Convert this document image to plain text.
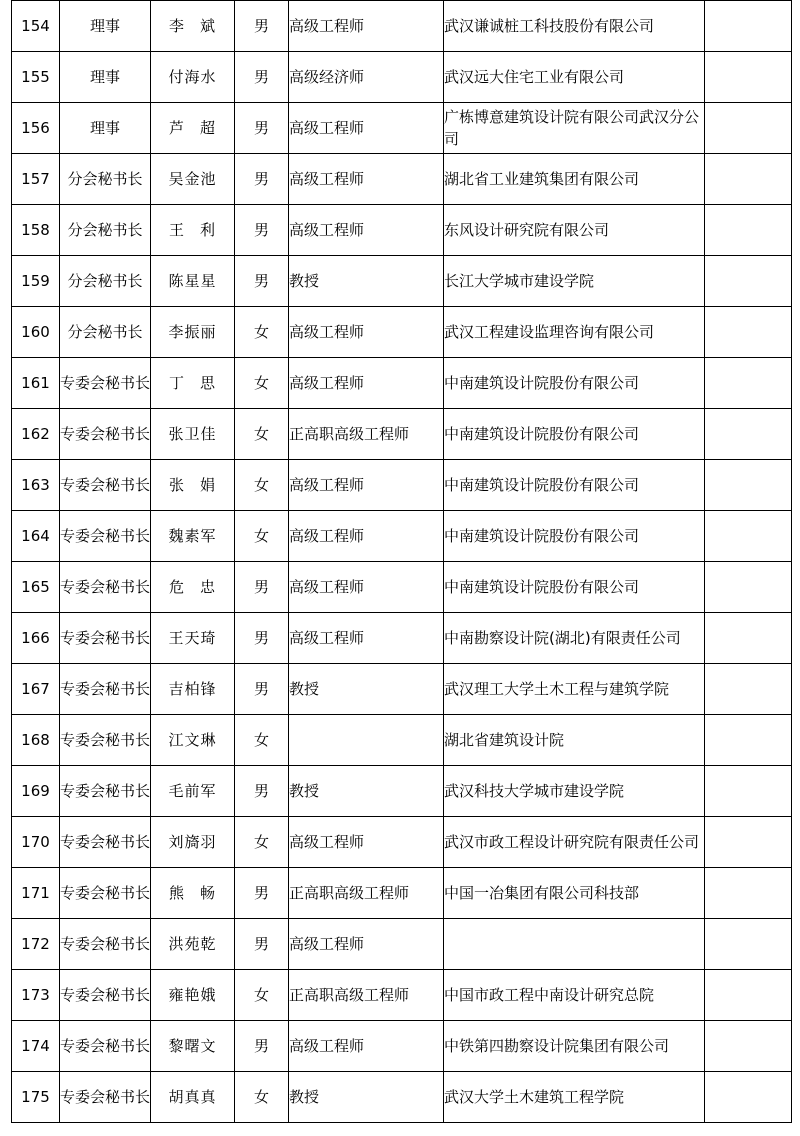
154	理事	李 斌	男	高级工程师	武汉谦诚桩工科技股份有限公司	
155	理事	付海水	男	高级经济师	武汉远大住宅工业有限公司	
156	理事	芦 超	男	高级工程师	广栋博意建筑设计院有限公司武汉分公司	
157	分会秘书长	吴金池	男	高级工程师	湖北省工业建筑集团有限公司	
158	分会秘书长	王 利	男	高级工程师	东风设计研究院有限公司	
159	分会秘书长	陈星星	男	教授	长江大学城市建设学院	
160	分会秘书长	李振丽	女	高级工程师	武汉工程建设监理咨询有限公司	
161	专委会秘书长	丁 思	女	高级工程师	中南建筑设计院股份有限公司	
162	专委会秘书长	张卫佳	女	正高职高级工程师	中南建筑设计院股份有限公司	
163	专委会秘书长	张 娟	女	高级工程师	中南建筑设计院股份有限公司	
164	专委会秘书长	魏素军	女	高级工程师	中南建筑设计院股份有限公司	
165	专委会秘书长	危 忠	男	高级工程师	中南建筑设计院股份有限公司	
166	专委会秘书长	王天琦	男	高级工程师	中南勘察设计院(湖北)有限责任公司	
167	专委会秘书长	吉柏锋	男	教授	武汉理工大学土木工程与建筑学院	
168	专委会秘书长	江文琳	女		湖北省建筑设计院	
169	专委会秘书长	毛前军	男	教授	武汉科技大学城市建设学院	
170	专委会秘书长	刘旖羽	女	高级工程师	武汉市政工程设计研究院有限责任公司	
171	专委会秘书长	熊 畅	男	正高职高级工程师	中国一冶集团有限公司科技部	
172	专委会秘书长	洪苑乾	男	高级工程师		
173	专委会秘书长	雍艳娥	女	正高职高级工程师	中国市政工程中南设计研究总院	
174	专委会秘书长	黎曙文	男	高级工程师	中铁第四勘察设计院集团有限公司	
175	专委会秘书长	胡真真	女	教授	武汉大学土木建筑工程学院	
